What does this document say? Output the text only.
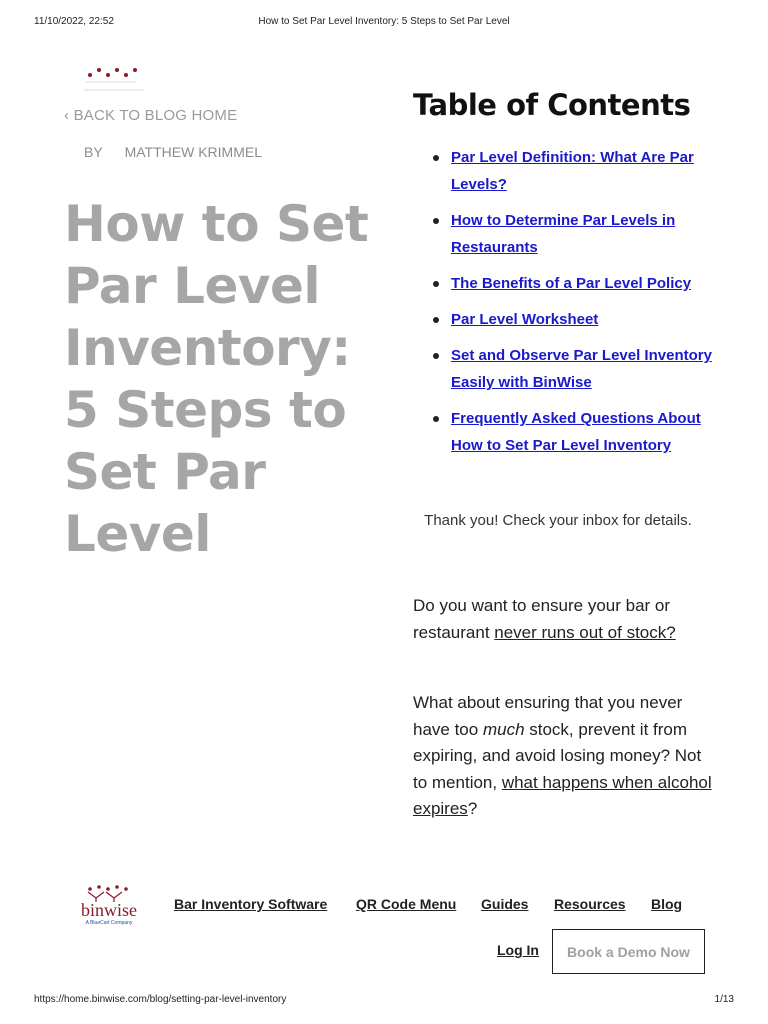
11/10/2022, 22:52	How to Set Par Level Inventory: 5 Steps to Set Par Level
‹ BACK TO BLOG HOME
BY MATTHEW KRIMMEL
How to Set Par Level Inventory: 5 Steps to Set Par Level
Table of Contents
Par Level Definition: What Are Par Levels?
How to Determine Par Levels in Restaurants
The Benefits of a Par Level Policy
Par Level Worksheet
Set and Observe Par Level Inventory Easily with BinWise
Frequently Asked Questions About How to Set Par Level Inventory

Thank you! Check your inbox for details.

Do you want to ensure your bar or restaurant never runs out of stock?

What about ensuring that you never have too much stock, prevent it from expiring, and avoid losing money? Not to mention, what happens when alcohol expires?

binwise
A BlueCart Company
Bar Inventory Software QR Code Menu Guides Resources Blog
Log In	Book a Demo Now
https://home.binwise.com/blog/setting-par-level-inventory	1/13
